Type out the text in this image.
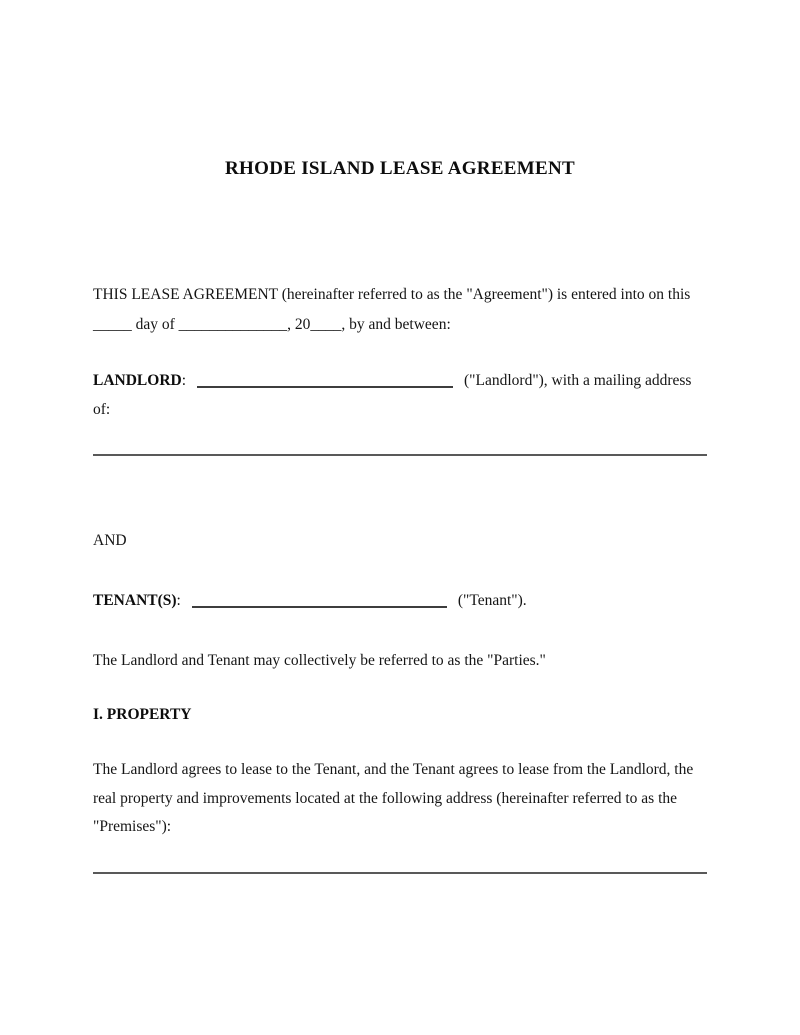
RHODE ISLAND LEASE AGREEMENT

THIS LEASE AGREEMENT (hereinafter referred to as the "Agreement") is entered into on this _____ day of ______________, 20____, by and between:

LANDLORD:	("Landlord"), with a mailing address of:

AND

TENANT(S):	("Tenant").

The Landlord and Tenant may collectively be referred to as the "Parties."

I. PROPERTY

The Landlord agrees to lease to the Tenant, and the Tenant agrees to lease from the Landlord, the real property and improvements located at the following address (hereinafter referred to as the "Premises"):
